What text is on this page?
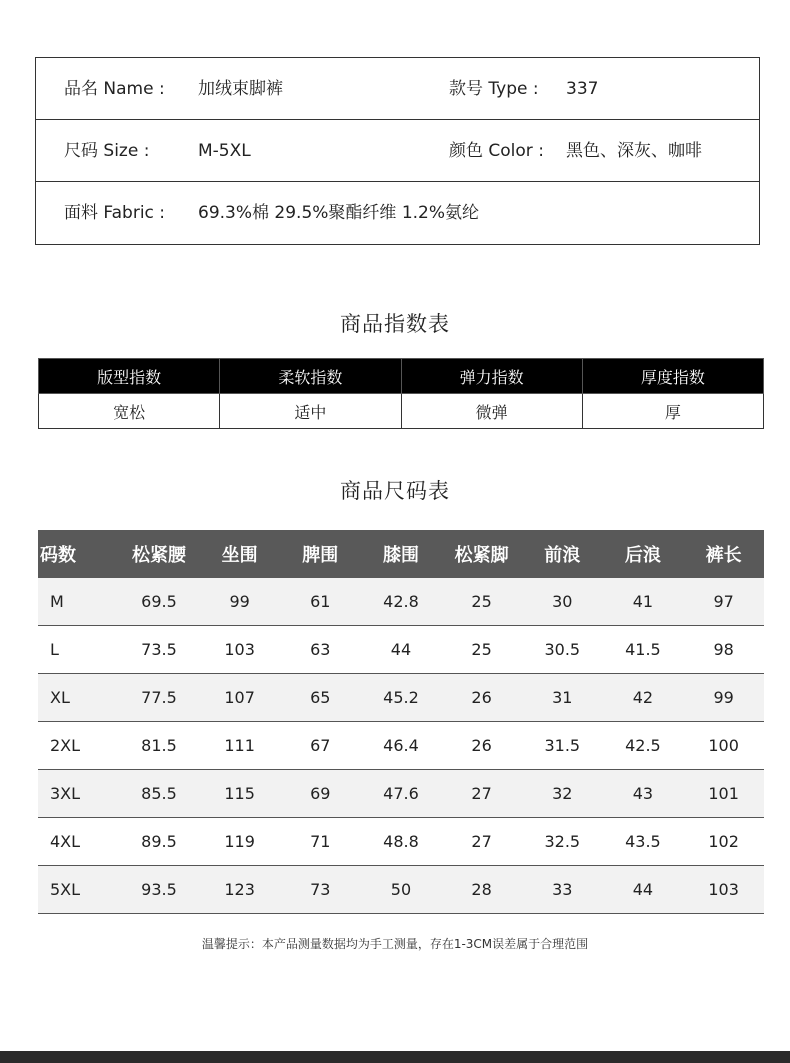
品名 Name : 加绒束脚裤	款号 Type : 337
尺码 Size :	M-5XL	颜色 Color : 黑色、深灰、咖啡
面料 Fabric : 69.3%棉 29.5%聚酯纤维 1.2%氨纶
商品指数表
版型指数	柔软指数	弹力指数	厚度指数
宽松	适中	微弹	厚
商品尺码表
码数	松紧腰	坐围	脾围	膝围	松紧脚	前浪	后浪	裤长
M	69.5	99	61	42.8	25	30	41	97
L	73.5	103	63	44	25	30.5	41.5	98
XL	77.5	107	65	45.2	26	31	42	99
2XL	81.5	111	67	46.4	26	31.5	42.5	100
3XL	85.5	115	69	47.6	27	32	43	101
4XL	89.5	119	71	48.8	27	32.5	43.5	102
5XL	93.5	123	73	50	28	33	44	103
温馨提示：本产品测量数据均为手工测量，存在1-3CM误差属于合理范围
